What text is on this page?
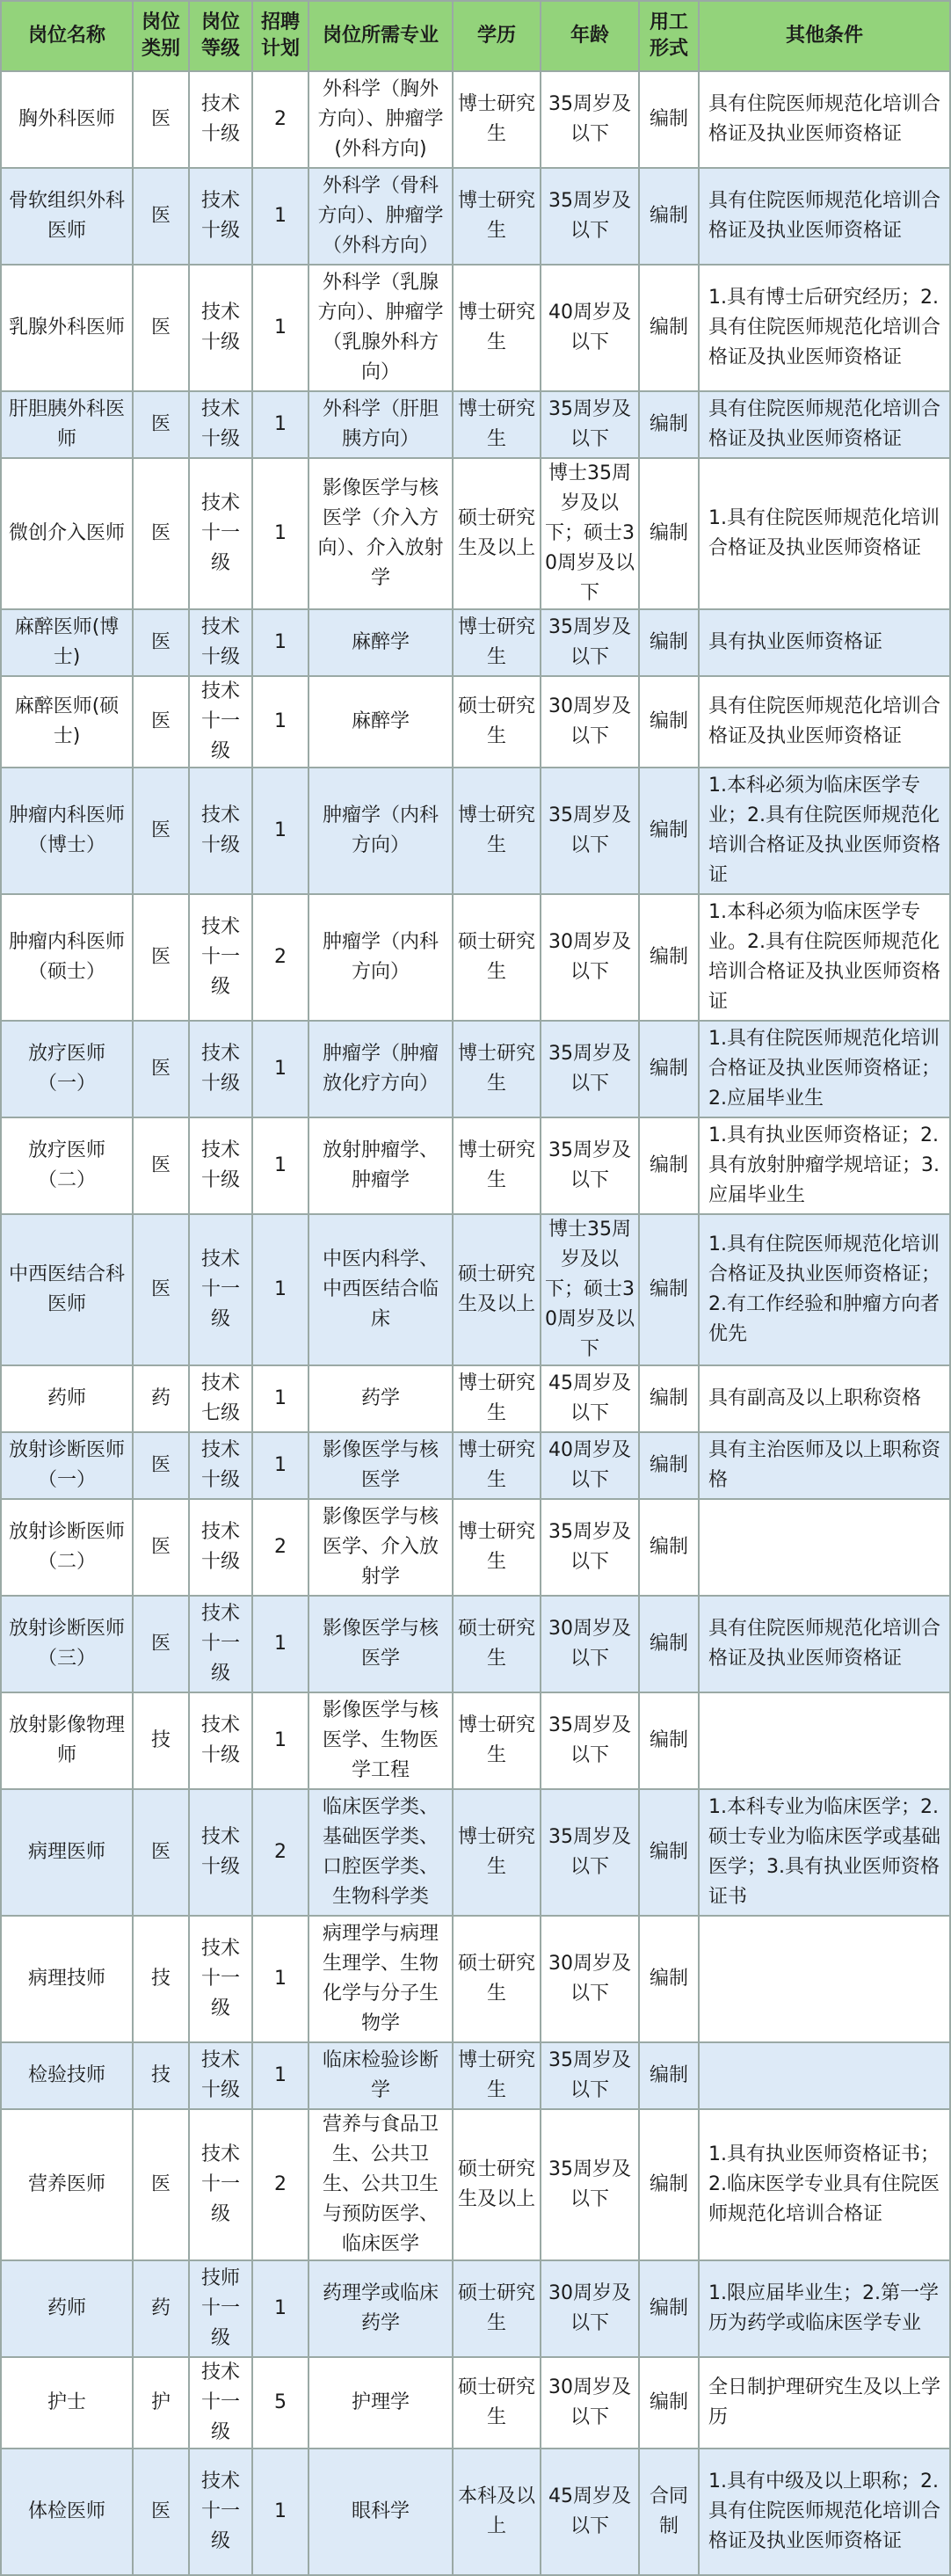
岗位名称	岗位类别	岗位等级	招聘计划	岗位所需专业	学历	年龄	用工形式	其他条件
胸外科医师	医	技术十级	2	外科学（胸外方向）、肿瘤学(外科方向)	博士研究生	35周岁及以下	编制	具有住院医师规范化培训合格证及执业医师资格证
骨软组织外科医师	医	技术十级	1	外科学（骨科方向）、肿瘤学（外科方向）	博士研究生	35周岁及以下	编制	具有住院医师规范化培训合格证及执业医师资格证
乳腺外科医师	医	技术十级	1	外科学（乳腺方向）、肿瘤学（乳腺外科方向）	博士研究生	40周岁及以下	编制	1.具有博士后研究经历；2.具有住院医师规范化培训合格证及执业医师资格证
肝胆胰外科医师	医	技术十级	1	外科学（肝胆胰方向）	博士研究生	35周岁及以下	编制	具有住院医师规范化培训合格证及执业医师资格证
微创介入医师	医	技术十一级	1	影像医学与核医学（介入方向）、介入放射学	硕士研究生及以上	博士35周岁及以下；硕士30周岁及以下	编制	1.具有住院医师规范化培训合格证及执业医师资格证
麻醉医师(博士)	医	技术十级	1	麻醉学	博士研究生	35周岁及以下	编制	具有执业医师资格证
麻醉医师(硕士)	医	技术十一级	1	麻醉学	硕士研究生	30周岁及以下	编制	具有住院医师规范化培训合格证及执业医师资格证
肿瘤内科医师（博士）	医	技术十级	1	肿瘤学（内科方向）	博士研究生	35周岁及以下	编制	1.本科必须为临床医学专业；2.具有住院医师规范化培训合格证及执业医师资格证
肿瘤内科医师（硕士）	医	技术十一级	2	肿瘤学（内科方向）	硕士研究生	30周岁及以下	编制	1.本科必须为临床医学专业。2.具有住院医师规范化培训合格证及执业医师资格证
放疗医师（一）	医	技术十级	1	肿瘤学（肿瘤放化疗方向）	博士研究生	35周岁及以下	编制	1.具有住院医师规范化培训合格证及执业医师资格证；2.应届毕业生
放疗医师（二）	医	技术十级	1	放射肿瘤学、肿瘤学	博士研究生	35周岁及以下	编制	1.具有执业医师资格证；2.具有放射肿瘤学规培证；3.应届毕业生
中西医结合科医师	医	技术十一级	1	中医内科学、中西医结合临床	硕士研究生及以上	博士35周岁及以下；硕士30周岁及以下	编制	1.具有住院医师规范化培训合格证及执业医师资格证；2.有工作经验和肿瘤方向者优先
药师	药	技术七级	1	药学	博士研究生	45周岁及以下	编制	具有副高及以上职称资格
放射诊断医师（一）	医	技术十级	1	影像医学与核医学	博士研究生	40周岁及以下	编制	具有主治医师及以上职称资格
放射诊断医师（二）	医	技术十级	2	影像医学与核医学、介入放射学	博士研究生	35周岁及以下	编制	
放射诊断医师（三）	医	技术十一级	1	影像医学与核医学	硕士研究生	30周岁及以下	编制	具有住院医师规范化培训合格证及执业医师资格证
放射影像物理师	技	技术十级	1	影像医学与核医学、生物医学工程	博士研究生	35周岁及以下	编制	
病理医师	医	技术十级	2	临床医学类、基础医学类、口腔医学类、生物科学类	博士研究生	35周岁及以下	编制	1.本科专业为临床医学；2.硕士专业为临床医学或基础医学；3.具有执业医师资格证书
病理技师	技	技术十一级	1	病理学与病理生理学、生物化学与分子生物学	硕士研究生	30周岁及以下	编制	
检验技师	技	技术十级	1	临床检验诊断学	博士研究生	35周岁及以下	编制	
营养医师	医	技术十一级	2	营养与食品卫生、公共卫生、公共卫生与预防医学、临床医学	硕士研究生及以上	35周岁及以下	编制	1.具有执业医师资格证书；2.临床医学专业具有住院医师规范化培训合格证
药师	药	技师十一级	1	药理学或临床药学	硕士研究生	30周岁及以下	编制	1.限应届毕业生；2.第一学历为药学或临床医学专业
护士	护	技术十一级	5	护理学	硕士研究生	30周岁及以下	编制	全日制护理研究生及以上学历
体检医师	医	技术十一级	1	眼科学	本科及以上	45周岁及以下	合同制	1.具有中级及以上职称；2.具有住院医师规范化培训合格证及执业医师资格证
